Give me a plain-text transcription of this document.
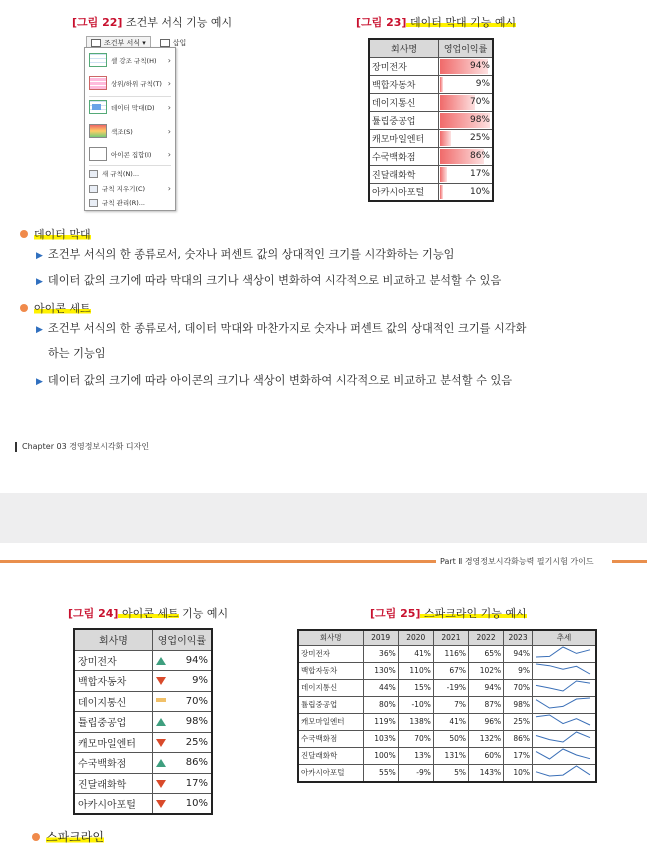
[그림 22] 조건부 서식 기능 예시
조건부 서식 ▾	삽입
셀 강조 규칙(H) ›
상위/하위 규칙(T) ›
데이터 막대(D) ›
색조(S)	›
아이콘 집합(I) ›
새 규칙(N)...
규칙 지우기(C)	›
규칙 관리(R)...
[그림 23] 데이터 막대 기능 예시
회사명	영업이익률
장미전자	94%
백합자동차	9%
데이지통신	70%
튤립중공업	98%
캐모마일엔터	25%
수국백화점	86%
진달래화학	17%
아카시아포털	10%
데이터 막대
▶ 조건부 서식의 한 종류로서, 숫자나 퍼센트 값의 상대적인 크기를 시각화하는 기능임
▶ 데이터 값의 크기에 따라 막대의 크기나 색상이 변화하여 시각적으로 비교하고 분석할 수 있음
아이콘 세트
▶ 조건부 서식의 한 종류로서, 데이터 막대와 마찬가지로 숫자나 퍼센트 값의 상대적인 크기를 시각화
하는 기능임
▶ 데이터 값의 크기에 따라 아이콘의 크기나 색상이 변화하여 시각적으로 비교하고 분석할 수 있음
Chapter 03 경영정보시각화 디자인
Part Ⅱ 경영정보시각화능력 필기시험 가이드
[그림 24] 아이콘 세트 기능 예시
회사명	영업이익률
장미전자	94%
백합자동차	9%
데이지통신	70%
튤립중공업	98%
캐모마일엔터	25%
수국백화점	86%
진달래화학	17%
아카시아포털	10%
[그림 25] 스파크라인 기능 예시
회사명	2019	2020	2021	2022	2023	추세
장미전자	36%	41%	116%	65%	94%	
백합자동차	130%	110%	67%	102%	9%	
데이지통신	44%	15%	-19%	94%	70%	
튤립중공업	80%	-10%	7%	87%	98%	
캐모마일엔터	119%	138%	41%	96%	25%	
수국백화점	103%	70%	50%	132%	86%	
진달래화학	100%	13%	131%	60%	17%	
아카시아포털	55%	-9%	5%	143%	10%	
스파크라인
